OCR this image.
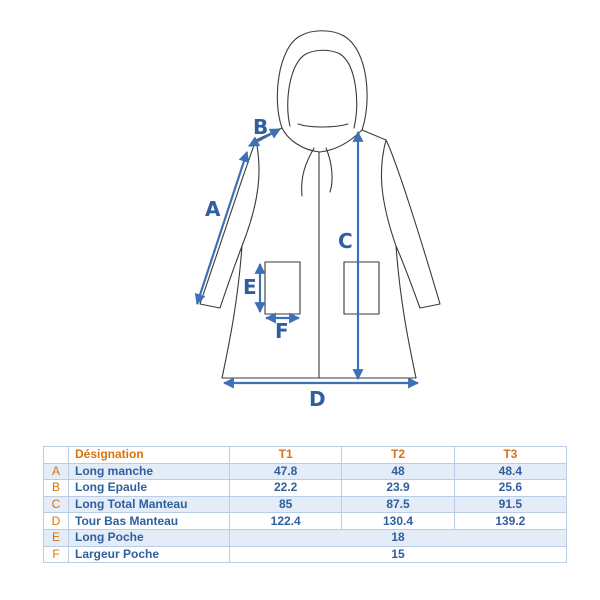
A
B
C
D
E
F
	Désignation	T1	T2	T3
A	Long manche	47.8	48	48.4
B	Long Epaule	22.2	23.9	25.6
C	Long Total Manteau	85	87.5	91.5
D	Tour Bas Manteau	122.4	130.4	139.2
E	Long Poche	18		
F	Largeur Poche	15		
